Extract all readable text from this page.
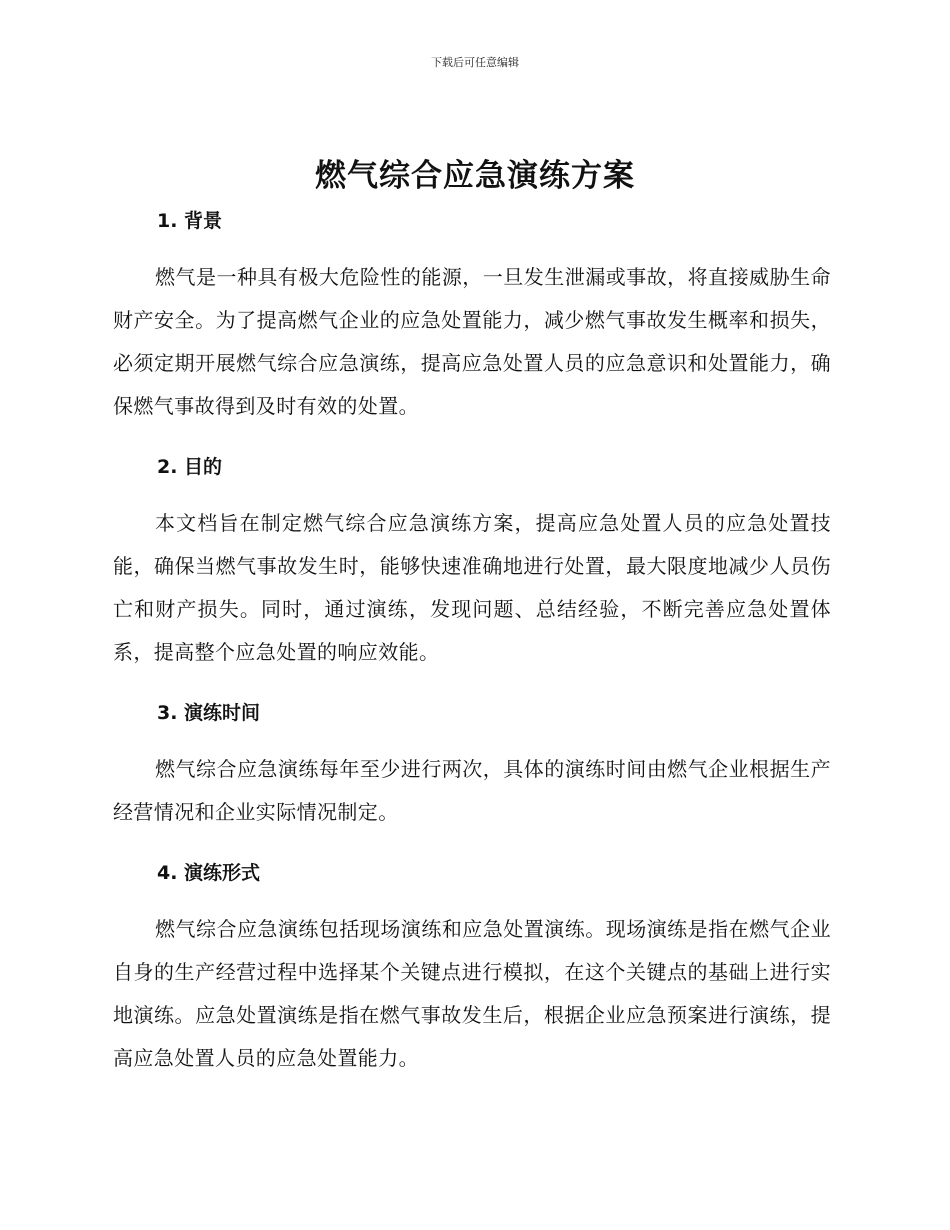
下载后可任意编辑
燃气综合应急演练方案
1. 背景

燃气是一种具有极大危险性的能源，一旦发生泄漏或事故，将直接威胁生命财产安全。为了提高燃气企业的应急处置能力，减少燃气事故发生概率和损失，必须定期开展燃气综合应急演练，提高应急处置人员的应急意识和处置能力，确保燃气事故得到及时有效的处置。

2. 目的

本文档旨在制定燃气综合应急演练方案，提高应急处置人员的应急处置技能，确保当燃气事故发生时，能够快速准确地进行处置，最大限度地减少人员伤亡和财产损失。同时，通过演练，发现问题、总结经验，不断完善应急处置体系，提高整个应急处置的响应效能。

3. 演练时间

燃气综合应急演练每年至少进行两次，具体的演练时间由燃气企业根据生产经营情况和企业实际情况制定。

4. 演练形式

燃气综合应急演练包括现场演练和应急处置演练。现场演练是指在燃气企业自身的生产经营过程中选择某个关键点进行模拟，在这个关键点的基础上进行实地演练。应急处置演练是指在燃气事故发生后，根据企业应急预案进行演练，提高应急处置人员的应急处置能力。
